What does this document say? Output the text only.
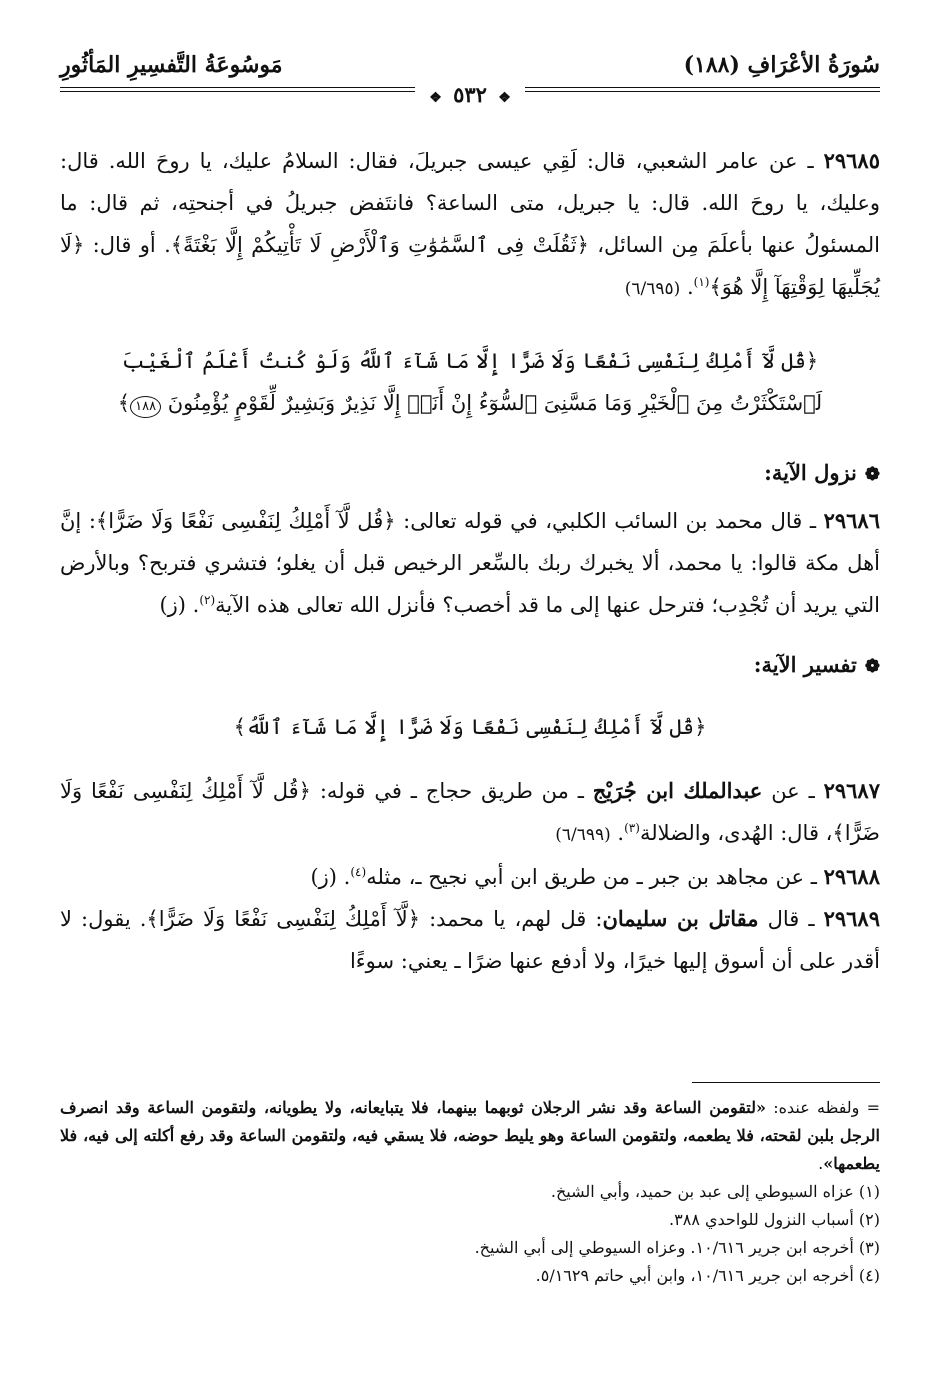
سُورَةُ الأعْرَافِ (١٨٨)
مَوسُوعَةُ التَّفسِيرِ المَأثُورِ
❖ ٥٣٢ ❖

٢٩٦٨٥ ـ عن عامر الشعبي، قال: لَقِي عيسى جبريلَ، فقال: السلامُ عليك، يا روحَ الله. قال: وعليك، يا روحَ الله. قال: يا جبريل، متى الساعة؟ فانتَفض جبريلُ في أجنحتِه، ثم قال: ما المسئولُ عنها بأعلَمَ مِن السائل، ﴿ثَقُلَتْ فِى ٱلسَّمَٰوَٰتِ وَٱلْأَرْضِ لَا تَأْتِيكُمْ إِلَّا بَغْتَةً﴾. أو قال: ﴿لَا يُجَلِّيهَا لِوَقْتِهَآ إِلَّا هُوَ﴾$^{(١)}$. (٦/٦٩٥)

﴿قُل لَّآ أَمْلِكُ لِنَفْسِى نَفْعًا وَلَا ضَرًّا إِلَّا مَا شَآءَ ٱللَّهُ وَلَوْ كُنتُ أَعْلَمُ ٱلْغَيْبَ
لَٱسْتَكْثَرْتُ مِنَ ٱلْخَيْرِ وَمَا مَسَّنِىَ ٱلسُّوٓءُ إِنْ أَنَا۠ إِلَّا نَذِيرٌ وَبَشِيرٌ لِّقَوْمٍ يُؤْمِنُونَ ١٨٨﴾
❁نزول الآية:

٢٩٦٨٦ ـ قال محمد بن السائب الكلبي، في قوله تعالى: ﴿قُل لَّآ أَمْلِكُ لِنَفْسِى نَفْعًا وَلَا ضَرًّا﴾: إنَّ أهل مكة قالوا: يا محمد، ألا يخبرك ربك بالسِّعر الرخيص قبل أن يغلو؛ فتشري فتربح؟ وبالأرض التي يريد أن تُجْدِب؛ فترحل عنها إلى ما قد أخصب؟ فأنزل الله تعالى هذه الآية$^{(٢)}$. (ز)

❁تفسير الآية:
﴿قُل لَّآ أَمْلِكُ لِنَفْسِى نَفْعًا وَلَا ضَرًّا إِلَّا مَا شَآءَ ٱللَّهُ﴾

٢٩٦٨٧ ـ عن عبدالملك ابن جُرَيْج ـ من طريق حجاج ـ في قوله: ﴿قُل لَّآ أَمْلِكُ لِنَفْسِى نَفْعًا وَلَا ضَرًّا﴾، قال: الهُدى، والضلالة$^{(٣)}$. (٦/٦٩٩)

٢٩٦٨٨ ـ عن مجاهد بن جبر ـ من طريق ابن أبي نجيح ـ، مثله$^{(٤)}$. (ز)

٢٩٦٨٩ ـ قال مقاتل بن سليمان: قل لهم، يا محمد: ﴿لَّآ أَمْلِكُ لِنَفْسِى نَفْعًا وَلَا ضَرًّا﴾. يقول: لا أقدر على أن أسوق إليها خيرًا، ولا أدفع عنها ضرًا ـ يعني: سوءًا

= ولفظه عنده: «لتقومن الساعة وقد نشر الرجلان ثوبهما بينهما، فلا يتبايعانه، ولا يطويانه، ولتقومن الساعة وقد انصرف الرجل بلبن لقحته، فلا يطعمه، ولتقومن الساعة وهو يليط حوضه، فلا يسقي فيه، ولتقومن الساعة وقد رفع أكلته إلى فيه، فلا يطعمها».
(١) عزاه السيوطي إلى عبد بن حميد، وأبي الشيخ.
(٢) أسباب النزول للواحدي ٣٨٨.
(٣) أخرجه ابن جرير ١٠/٦١٦. وعزاه السيوطي إلى أبي الشيخ.
(٤) أخرجه ابن جرير ١٠/٦١٦، وابن أبي حاتم ٥/١٦٢٩.
